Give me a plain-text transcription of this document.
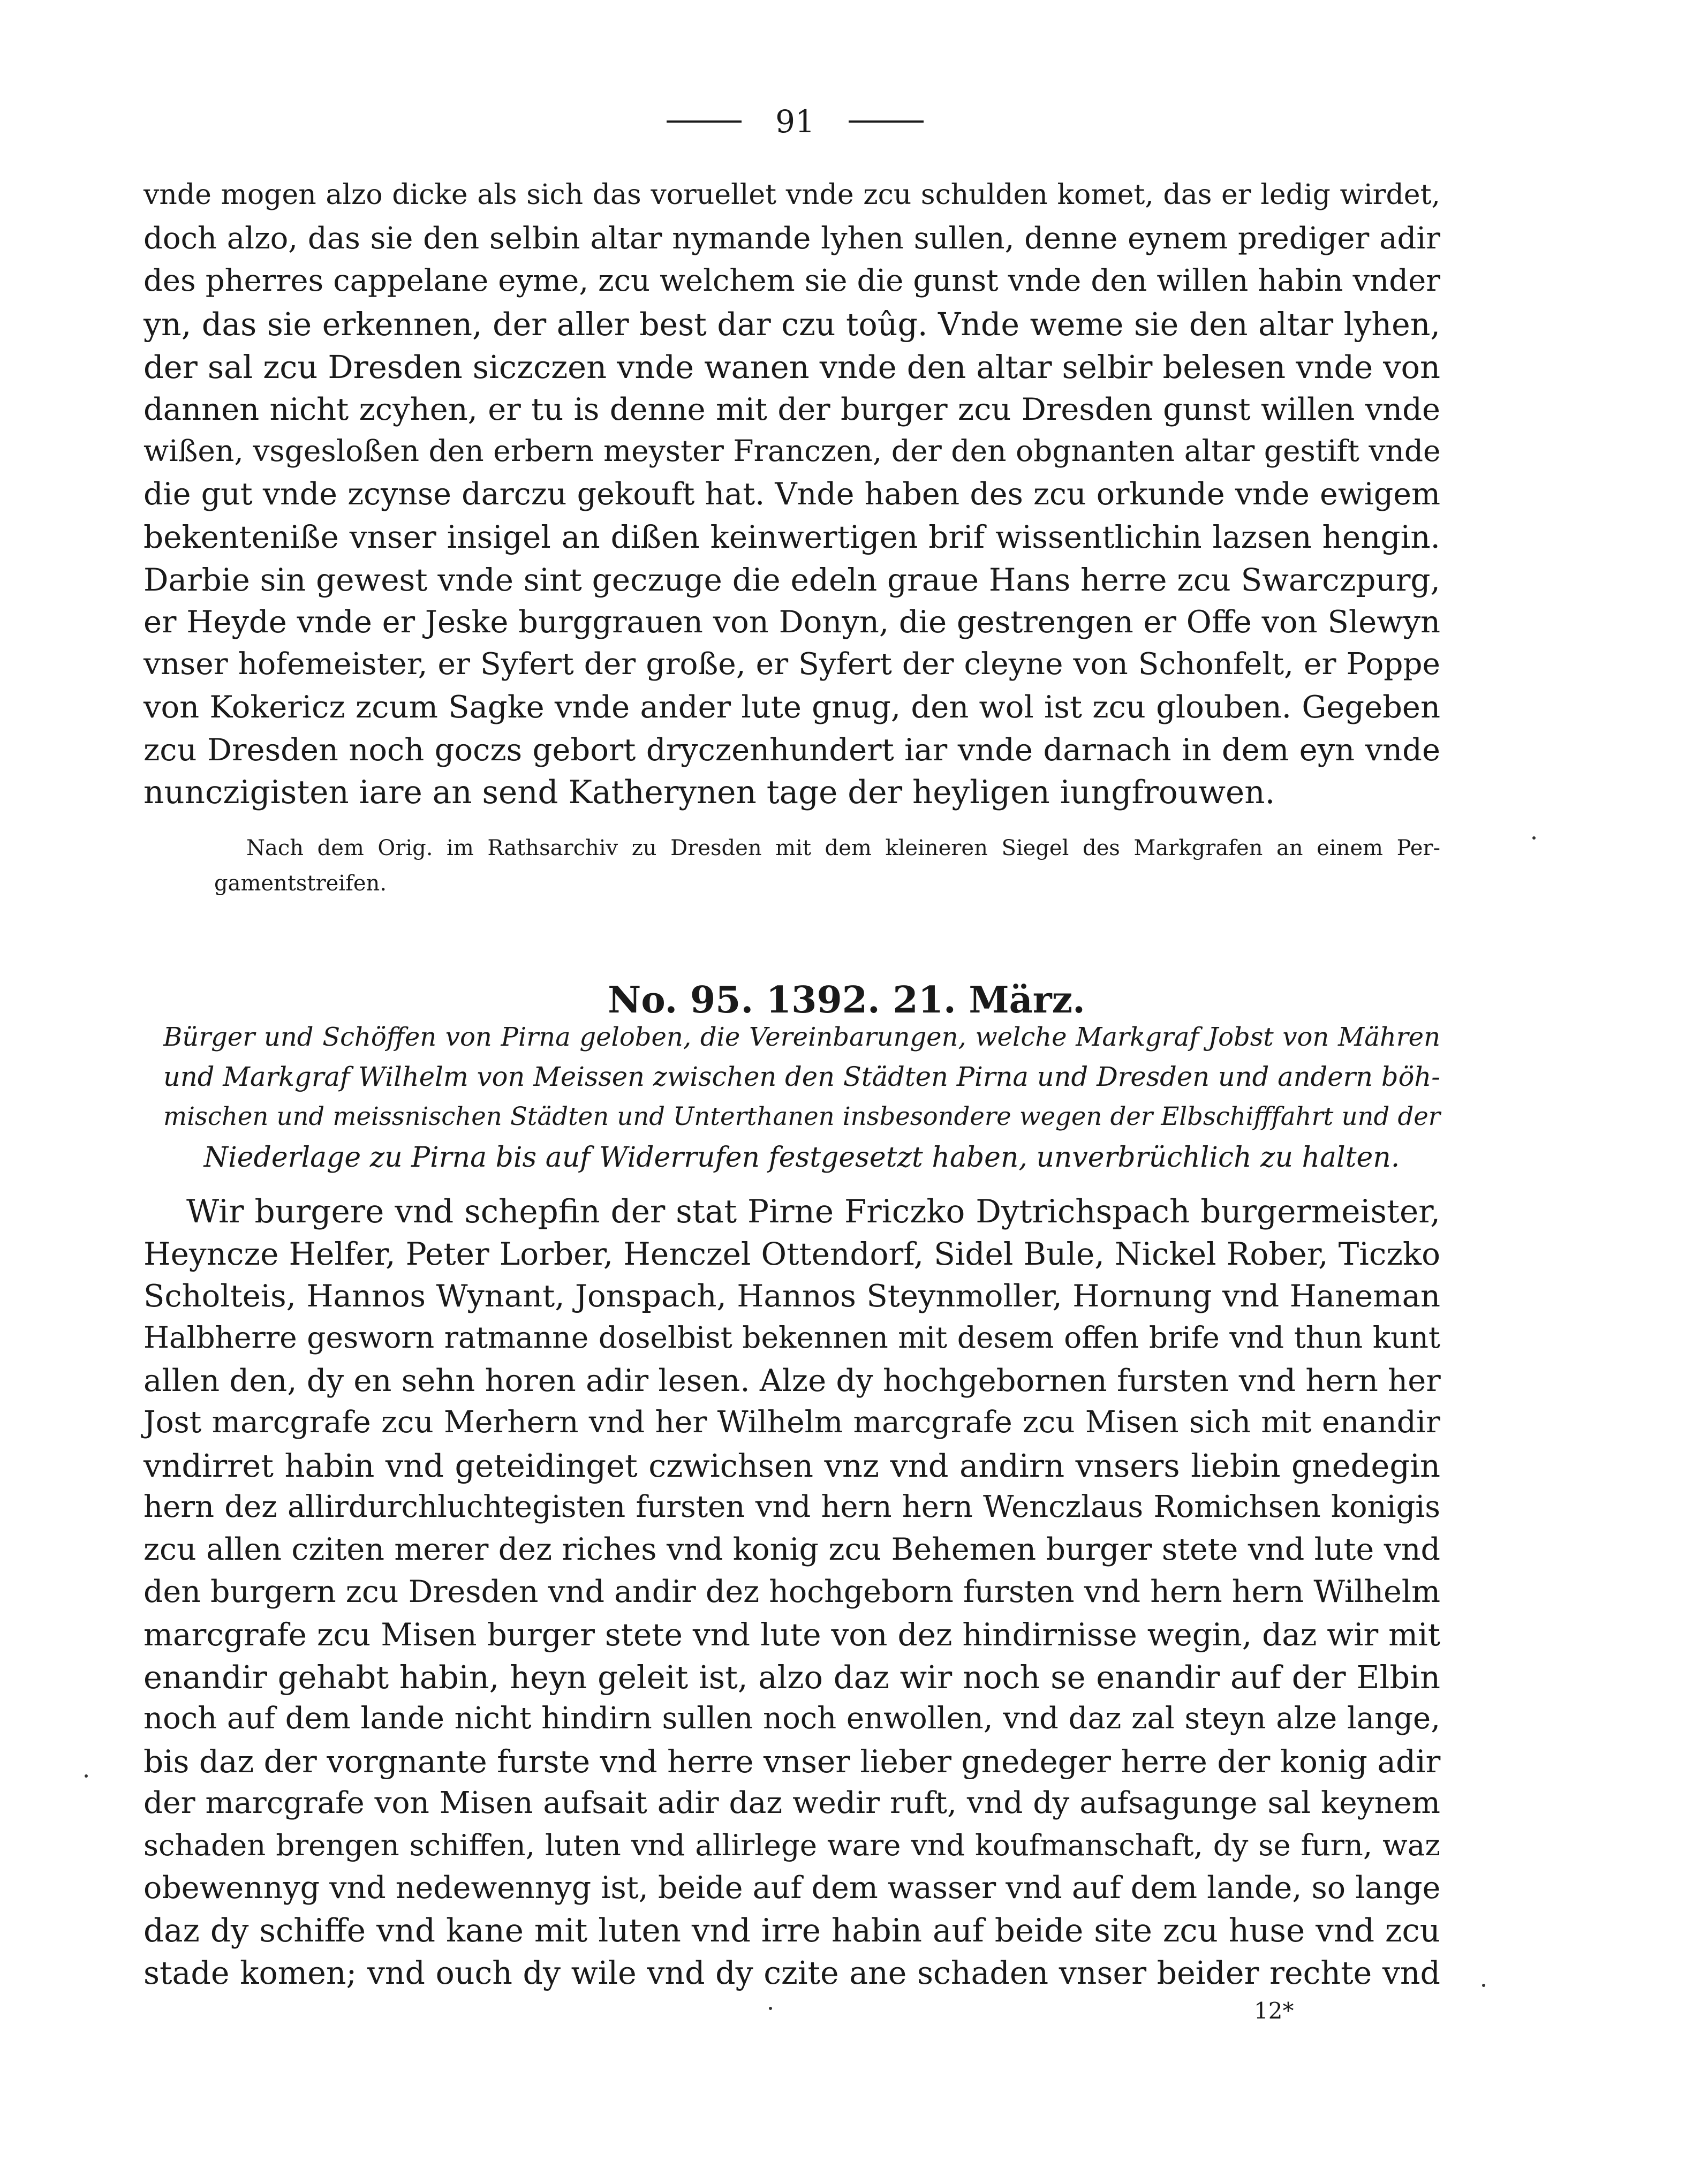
91

vnde mogen alzo dicke als sich das voruellet vnde zcu schulden komet, das er ledig wirdet,

doch alzo, das sie den selbin altar nymande lyhen sullen, denne eynem prediger adir

des pherres cappelane eyme, zcu welchem sie die gunst vnde den willen habin vnder

yn, das sie erkennen, der aller best dar czu toûg. Vnde weme sie den altar lyhen,

der sal zcu Dresden siczczen vnde wanen vnde den altar selbir belesen vnde von

dannen nicht zcyhen, er tu is denne mit der burger zcu Dresden gunst willen vnde

wißen, vsgesloßen den erbern meyster Franczen, der den obgnanten altar gestift vnde

die gut vnde zcynse darczu gekouft hat. Vnde haben des zcu orkunde vnde ewigem

bekenteniße vnser insigel an dißen keinwertigen brif wissentlichin lazsen hengin.

Darbie sin gewest vnde sint geczuge die edeln graue Hans herre zcu Swarczpurg,

er Heyde vnde er Jeske burggrauen von Donyn, die gestrengen er Offe von Slewyn

vnser hofemeister, er Syfert der große, er Syfert der cleyne von Schonfelt, er Poppe

von Kokericz zcum Sagke vnde ander lute gnug, den wol ist zcu glouben. Gegeben

zcu Dresden noch goczs gebort dryczenhundert iar vnde darnach in dem eyn vnde

nunczigisten iare an send Katherynen tage der heyligen iungfrouwen.

Nach dem Orig. im Rathsarchiv zu Dresden mit dem kleineren Siegel des Markgrafen an einem Per-

gamentstreifen.

No. 95. 1392. 21. März.

Bürger und Schöffen von Pirna geloben, die Vereinbarungen, welche Markgraf Jobst von Mähren

und Markgraf Wilhelm von Meissen zwischen den Städten Pirna und Dresden und andern böh-

mischen und meissnischen Städten und Unterthanen insbesondere wegen der Elbschifffahrt und der

Niederlage zu Pirna bis auf Widerrufen festgesetzt haben, unverbrüchlich zu halten.

Wir burgere vnd schepfin der stat Pirne Friczko Dytrichspach burgermeister,

Heyncze Helfer, Peter Lorber, Henczel Ottendorf, Sidel Bule, Nickel Rober, Ticzko

Scholteis, Hannos Wynant, Jonspach, Hannos Steynmoller, Hornung vnd Haneman

Halbherre gesworn ratmanne doselbist bekennen mit desem offen brife vnd thun kunt

allen den, dy en sehn horen adir lesen. Alze dy hochgebornen fursten vnd hern her

Jost marcgrafe zcu Merhern vnd her Wilhelm marcgrafe zcu Misen sich mit enandir

vndirret habin vnd geteidinget czwichsen vnz vnd andirn vnsers liebin gnedegin

hern dez allirdurchluchtegisten fursten vnd hern hern Wenczlaus Romichsen konigis

zcu allen cziten merer dez riches vnd konig zcu Behemen burger stete vnd lute vnd

den burgern zcu Dresden vnd andir dez hochgeborn fursten vnd hern hern Wilhelm

marcgrafe zcu Misen burger stete vnd lute von dez hindirnisse wegin, daz wir mit

enandir gehabt habin, heyn geleit ist, alzo daz wir noch se enandir auf der Elbin

noch auf dem lande nicht hindirn sullen noch enwollen, vnd daz zal steyn alze lange,

bis daz der vorgnante furste vnd herre vnser lieber gnedeger herre der konig adir

der marcgrafe von Misen aufsait adir daz wedir ruft, vnd dy aufsagunge sal keynem

schaden brengen schiffen, luten vnd allirlege ware vnd koufmanschaft, dy se furn, waz

obewennyg vnd nedewennyg ist, beide auf dem wasser vnd auf dem lande, so lange

daz dy schiffe vnd kane mit luten vnd irre habin auf beide site zcu huse vnd zcu

stade komen; vnd ouch dy wile vnd dy czite ane schaden vnser beider rechte vnd

12*
